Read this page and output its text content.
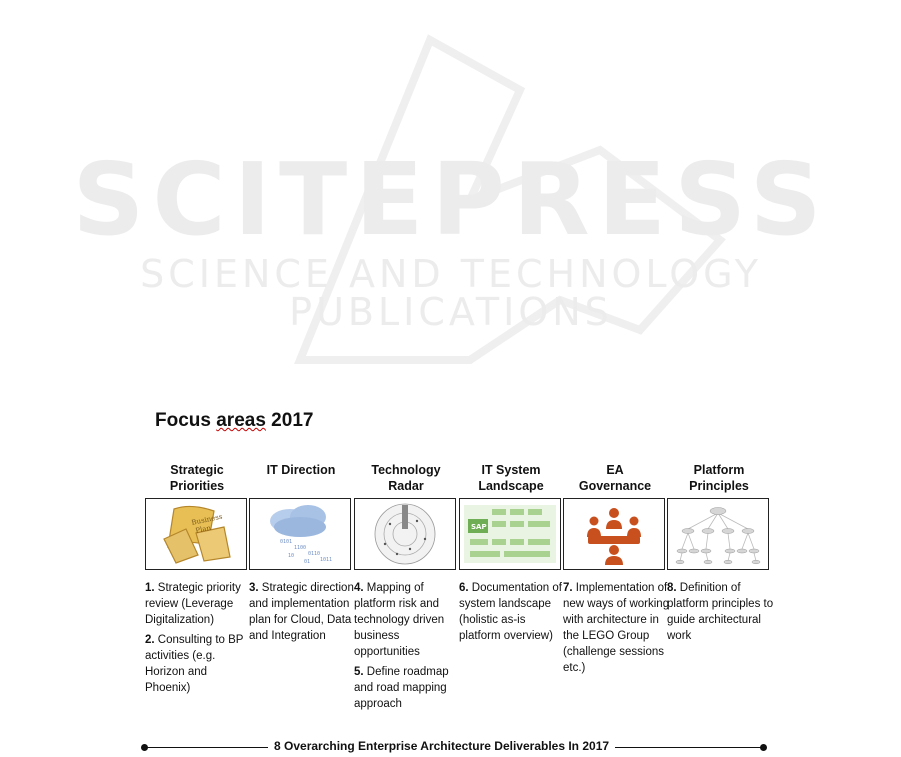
SCITEPRESS
SCIENCE AND TECHNOLOGY PUBLICATIONS
Focus areas 2017
Strategic
Priorities
Business
Plan

1. Strategic priority review (Leverage Digitalization)

2. Consulting to BP activities (e.g. Horizon and Phoenix)

IT Direction
0101
1100
0110
1011
10
01

3. Strategic direction and implementation plan for Cloud, Data and Integration

Technology
Radar

4. Mapping of platform risk and technology driven business opportunities

5. Define roadmap and road mapping approach

IT System
Landscape
SAP

6. Documentation of system landscape (holistic as-is platform overview)

EA
Governance

7. Implementation of new ways of working with architecture in the LEGO Group (challenge sessions etc.)

Platform
Principles

8. Definition of platform principles to guide architectural work

8 Overarching Enterprise Architecture Deliverables In 2017
